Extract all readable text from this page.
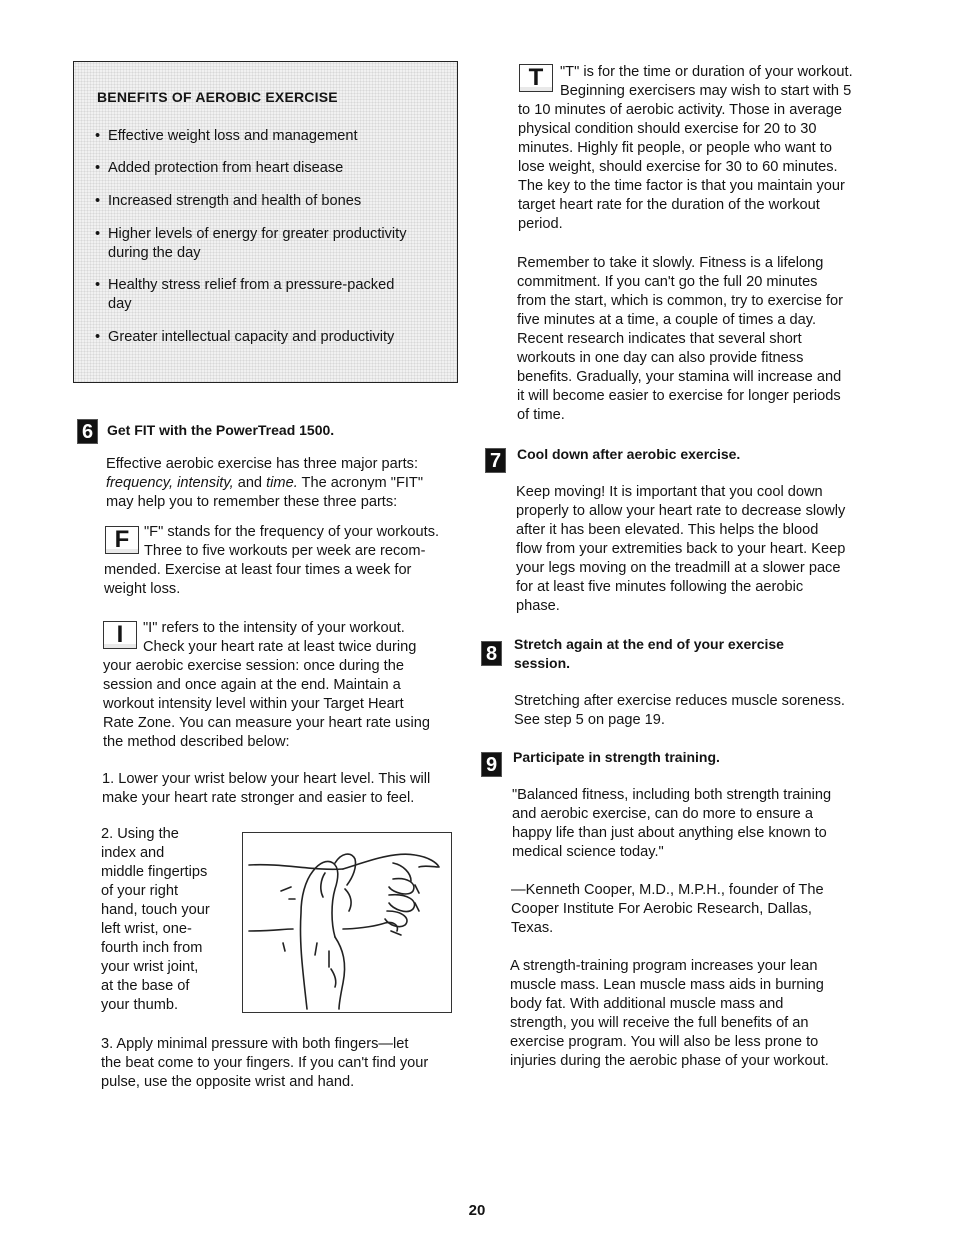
BENEFITS OF AEROBIC EXERCISE
• Effective weight loss and management
• Added protection from heart disease
• Increased strength and health of bones
• Higher levels of energy for greater productivity
during the day
• Healthy stress relief from a pressure-packed
day
• Greater intellectual capacity and productivity
6 Get FIT with the PowerTread 1500.

Effective aerobic exercise has three major parts:

frequency, intensity, and time. The acronym "FIT"

may help you to remember these three parts:

F	"F" stands for the frequency of your workouts.
Three to five workouts per week are recom-
mended. Exercise at least four times a week for
weight loss.
I	"I" refers to the intensity of your workout.
Check your heart rate at least twice during
your aerobic exercise session: once during the
session and once again at the end. Maintain a
workout intensity level within your Target Heart
Rate Zone. You can measure your heart rate using
the method described below:

1. Lower your wrist below your heart level. This will

make your heart rate stronger and easier to feel.

2. Using the

index and

middle fingertips

of your right

hand, touch your

left wrist, one-

fourth inch from

your wrist joint,

at the base of

your thumb.

3. Apply minimal pressure with both fingers—let

the beat come to your fingers. If you can't find your

pulse, use the opposite wrist and hand.

T	"T" is for the time or duration of your workout.
Beginning exercisers may wish to start with 5
to 10 minutes of aerobic activity. Those in average
physical condition should exercise for 20 to 30
minutes. Highly fit people, or people who want to
lose weight, should exercise for 30 to 60 minutes.
The key to the time factor is that you maintain your
target heart rate for the duration of the workout
period.

Remember to take it slowly. Fitness is a lifelong

commitment. If you can't go the full 20 minutes

from the start, which is common, try to exercise for

five minutes at a time, a couple of times a day.

Recent research indicates that several short

workouts in one day can also provide fitness

benefits. Gradually, your stamina will increase and

it will become easier to exercise for longer periods

of time.

7	Cool down after aerobic exercise.

Keep moving! It is important that you cool down

properly to allow your heart rate to decrease slowly

after it has been elevated. This helps the blood

flow from your extremities back to your heart. Keep

your legs moving on the treadmill at a slower pace

for at least five minutes following the aerobic

phase.

8	Stretch again at the end of your exercise
session.

Stretching after exercise reduces muscle soreness.

See step 5 on page 19.

9	Participate in strength training.

"Balanced fitness, including both strength training

and aerobic exercise, can do more to ensure a

happy life than just about anything else known to

medical science today."

—Kenneth Cooper, M.D., M.P.H., founder of The

Cooper Institute For Aerobic Research, Dallas,

Texas.

A strength-training program increases your lean

muscle mass. Lean muscle mass aids in burning

body fat. With additional muscle mass and

strength, you will receive the full benefits of an

exercise program. You will also be less prone to

injuries during the aerobic phase of your workout.

20
